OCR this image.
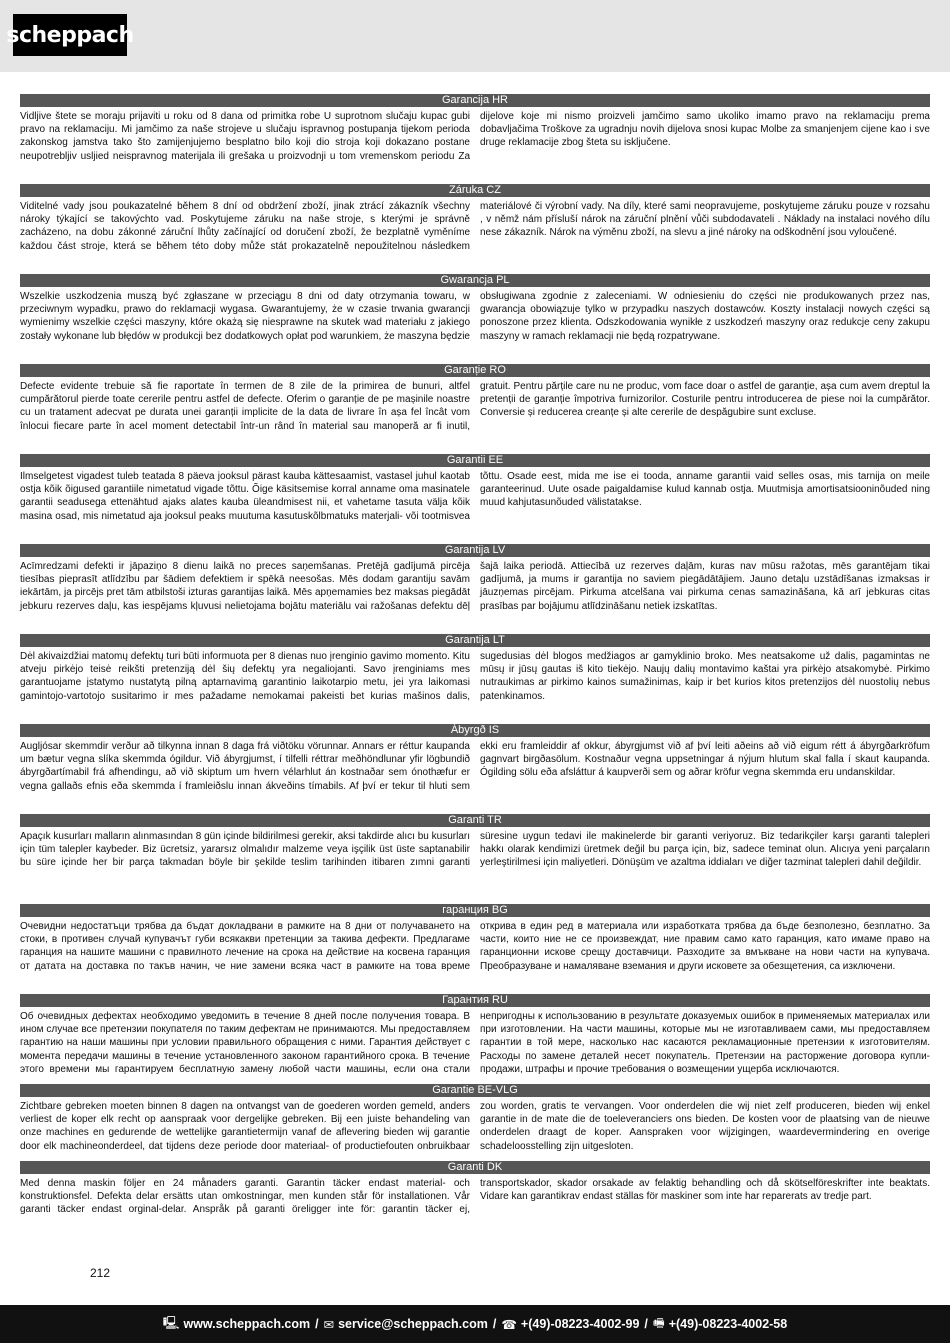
scheppach
Garancija HR
Vidljive štete se moraju prijaviti u roku od 8 dana od primitka robe U suprotnom slučaju kupac gubi pravo na reklamaciju. Mi jamčimo za naše strojeve u slučaju ispravnog postupanja tijekom perioda zakonskog jamstva tako što zamijenjujemo besplatno bilo koji dio stroja koji dokazano postane neupotrebljiv usljied neispravnog materijala ili grešaka u proizvodnji u tom vremenskom periodu Za dijelove koje mi nismo proizveli jamčimo samo ukoliko imamo pravo na reklamaciju prema dobavljačima Troškove za ugradnju novih dijelova snosi kupac Molbe za smanjenjem cijene kao i sve druge reklamacije zbog šteta su isključene.
Záruka CZ
Viditelné vady jsou poukazatelné během 8 dní od obdržení zboží, jinak ztrácí zákazník všechny nároky týkající se takovýchto vad. Poskytujeme záruku na naše stroje, s kterými je správně zacházeno, na dobu zákonné záruční lhůty začínající od doručení zboží, že bezplatně vyměníme každou část stroje, která se během této doby může stát prokazatelně nepoužitelnou následkem materiálové či výrobní vady. Na díly, které sami neopravujeme, poskytujeme záruku pouze v rozsahu , v němž nám přísluší nárok na záruční plnění vůči subdodavateli . Náklady na instalaci nového dílu nese zákazník. Nárok na výměnu zboží, na slevu a jiné nároky na odškodnění jsou vyloučené.
Gwarancja PL
Wszelkie uszkodzenia muszą być zgłaszane w przeciągu 8 dni od daty otrzymania towaru, w przeciwnym wypadku, prawo do reklamacji wygasa. Gwarantujemy, że w czasie trwania gwarancji wymienimy wszelkie części maszyny, które okażą się niesprawne na skutek wad materiału z jakiego zostały wykonane lub błędów w produkcji bez dodatkowych opłat pod warunkiem, że maszyna będzie obsługiwana zgodnie z zaleceniami. W odniesieniu do części nie produkowanych przez nas, gwarancja obowiązuje tylko w przypadku naszych dostawców. Koszty instalacji nowych części są ponoszone przez klienta. Odszkodowania wynikłe z uszkodzeń maszyny oraz redukcje ceny zakupu maszyny w ramach reklamacji nie będą rozpatrywane.
Garanție RO
Defecte evidente trebuie să fie raportate în termen de 8 zile de la primirea de bunuri, altfel cumpărătorul pierde toate cererile pentru astfel de defecte. Oferim o garanție de pe mașinile noastre cu un tratament adecvat pe durata unei garanții implicite de la data de livrare în așa fel încât vom înlocui fiecare parte în acel moment detectabil într-un rând în material sau manoperă ar fi inutil, gratuit. Pentru părțile care nu ne produc, vom face doar o astfel de garanție, așa cum avem dreptul la pretenții de garanție împotriva furnizorilor. Costurile pentru introducerea de piese noi la cumpărător. Conversie și reducerea creanțe și alte cererile de despăgubire sunt excluse.
Garantii EE
Ilmselgetest vigadest tuleb teatada 8 päeva jooksul pärast kauba kättesaamist, vastasel juhul kaotab ostja kõik õigused garantiile nimetatud vigade tõttu. Õige käsitsemise korral anname oma masinatele garantii seadusega ettenähtud ajaks alates kauba üleandmisest nii, et vahetame tasuta välja kõik masina osad, mis nimetatud aja jooksul peaks muutuma kasutuskõlbmatuks materjali- või tootmisvea tõttu. Osade eest, mida me ise ei tooda, anname garantii vaid selles osas, mis tarnija on meile garanteerinud. Uute osade paigaldamise kulud kannab ostja. Muutmisja amortisatsiooninõuded ning muud kahjutasunõuded välistatakse.
Garantija LV
Acīmredzami defekti ir jāpaziņo 8 dienu laikā no preces saņemšanas. Pretējā gadījumā pircēja tiesības pieprasīt atlīdzību par šādiem defektiem ir spēkā neesošas. Mēs dodam garantiju savām iekārtām, ja pircējs pret tām atbilstoši izturas garantijas laikā. Mēs apņemamies bez maksas piegādāt jebkuru rezerves daļu, kas iespējams kļuvusi nelietojama bojātu materiālu vai ražošanas defektu dēļ šajā laika periodā. Attiecībā uz rezerves daļām, kuras nav mūsu ražotas, mēs garantējam tikai gadījumā, ja mums ir garantija no saviem piegādātājiem. Jauno detaļu uzstādīšanas izmaksas ir jāuzņemas pircējam. Pirkuma atcelšana vai pirkuma cenas samazināšana, kā arī jebkuras citas prasības par bojājumu atlīdzināšanu netiek izskatītas.
Garantija LT
Dėl akivaizdžiai matomų defektų turi būti informuota per 8 dienas nuo įrenginio gavimo momento. Kitu atveju pirkėjo teisė reikšti pretenziją dėl šių defektų yra negaliojanti. Savo įrenginiams mes garantuojame įstatymo nustatytą pilną aptarnavimą garantinio laikotarpio metu, jei yra laikomasi gamintojo-vartotojo susitarimo ir mes pažadame nemokamai pakeisti bet kurias mašinos dalis, sugedusias dėl blogos medžiagos ar gamyklinio broko. Mes neatsakome už dalis, pagamintas ne mūsų ir jūsų gautas iš kito tiekėjo. Naujų dalių montavimo kaštai yra pirkėjo atsakomybė. Pirkimo nutraukimas ar pirkimo kainos sumažinimas, kaip ir bet kurios kitos pretenzijos dėl nuostolių nebus patenkinamos.
Ábyrgð IS
Augljósar skemmdir verður að tilkynna innan 8 daga frá viðtöku vörunnar. Annars er réttur kaupanda um bætur vegna slíka skemmda ógildur. Við ábyrgjumst, í tilfelli réttrar meðhöndlunar yfir lögbundið ábyrgðartímabil frá afhendingu, að við skiptum um hvern vélarhlut án kostnaðar sem ónothæfur er vegna gallaðs efnis eða skemmda í framleiðslu innan ákveðins tímabils. Af því er tekur til hluti sem ekki eru framleiddir af okkur, ábyrgjumst við af því leiti aðeins að við eigum rétt á ábyrgðarkröfum gagnvart birgðasölum. Kostnaður vegna uppsetningar á nýjum hlutum skal falla í skaut kaupanda. Ógilding sölu eða afsláttur á kaupverði sem og aðrar kröfur vegna skemmda eru undanskildar.
Garanti TR
Apaçık kusurları malların alınmasından 8 gün içinde bildirilmesi gerekir, aksi takdirde alıcı bu kusurları için tüm talepler kaybeder. Biz ücretsiz, yararsız olmalıdır malzeme veya işçilik üst üste saptanabilir bu süre içinde her bir parça takmadan böyle bir şekilde teslim tarihinden itibaren zımni garanti süresine uygun tedavi ile makinelerde bir garanti veriyoruz. Biz tedarikçiler karşı garanti talepleri hakkı olarak kendimizi üretmek değil bu parça için, biz, sadece teminat olun. Alıcıya yeni parçaların yerleştirilmesi için maliyetleri. Dönüşüm ve azaltma iddiaları ve diğer tazminat talepleri dahil değildir.
гаранция BG
Очевидни недостатъци трябва да бъдат докладвани в рамките на 8 дни от получаването на стоки, в противен случай купувачът губи всякакви претенции за такива дефекти. Предлагаме гаранция на нашите машини с правилното лечение на срока на действие на косвена гаранция от датата на доставка по такъв начин, че ние замени всяка част в рамките на това време открива в един ред в материала или изработката трябва да бъде безполезно, безплатно. За части, които ние не се произвеждат, ние правим само като гаранция, като имаме право на гаранционни искове срещу доставчици. Разходите за вмъкване на нови части на купувача. Преобразуване и намаляване вземания и други исковете за обезщетения, са изключени.
Гарантия RU
Об очевидных дефектах необходимо уведомить в течение 8 дней после получения товара. В ином случае все претензии покупателя по таким дефектам не принимаются. Мы предоставляем гарантию на наши машины при условии правильного обращения с ними. Гарантия действует с момента передачи машины в течение установленного законом гарантийного срока. В течение этого времени мы гарантируем бесплатную замену любой части машины, если она стали непригодны к использованию в результате доказуемых ошибок в применяемых материалах или при изготовлении. На части машины, которые мы не изготавливаем сами, мы предоставляем гарантии в той мере, насколько нас касаются рекламационные претензии к изготовителям. Расходы по замене деталей несет покупатель. Претензии на расторжение договора купли-продажи, штрафы и прочие требования о возмещении ущерба исключаются.
Garantie BE-VLG
Zichtbare gebreken moeten binnen 8 dagen na ontvangst van de goederen worden gemeld, anders verliest de koper elk recht op aanspraak voor dergelijke gebreken. Bij een juiste behandeling van onze machines en gedurende de wettelijke garantietermijn vanaf de aflevering bieden wij garantie door elk machineonderdeel, dat tijdens deze periode door materiaal- of productiefouten onbruikbaar zou worden, gratis te vervangen. Voor onderdelen die wij niet zelf produceren, bieden wij enkel garantie in de mate die de toeleveranciers ons bieden. De kosten voor de plaatsing van de nieuwe onderdelen draagt de koper. Aanspraken voor wijzigingen, waardevermindering en overige schadeloosstelling zijn uitgesloten.
Garanti DK
Med denna maskin följer en 24 månaders garanti. Garantin täcker endast material- och konstruktionsfel. Defekta delar ersätts utan omkostningar, men kunden står för installationen. Vår garanti täcker endast orginal-delar. Anspråk på garanti öreligger inte för: garantin täcker ej, transportskador, skador orsakade av felaktig behandling och då skötselföreskrifter inte beaktats. Vidare kan garantikrav endast ställas för maskiner som inte har reparerats av tredje part.
212
🖳 www.scheppach.com / ✉ service@scheppach.com / ☎ +(49)-08223-4002-99 / 🖷 +(49)-08223-4002-58
